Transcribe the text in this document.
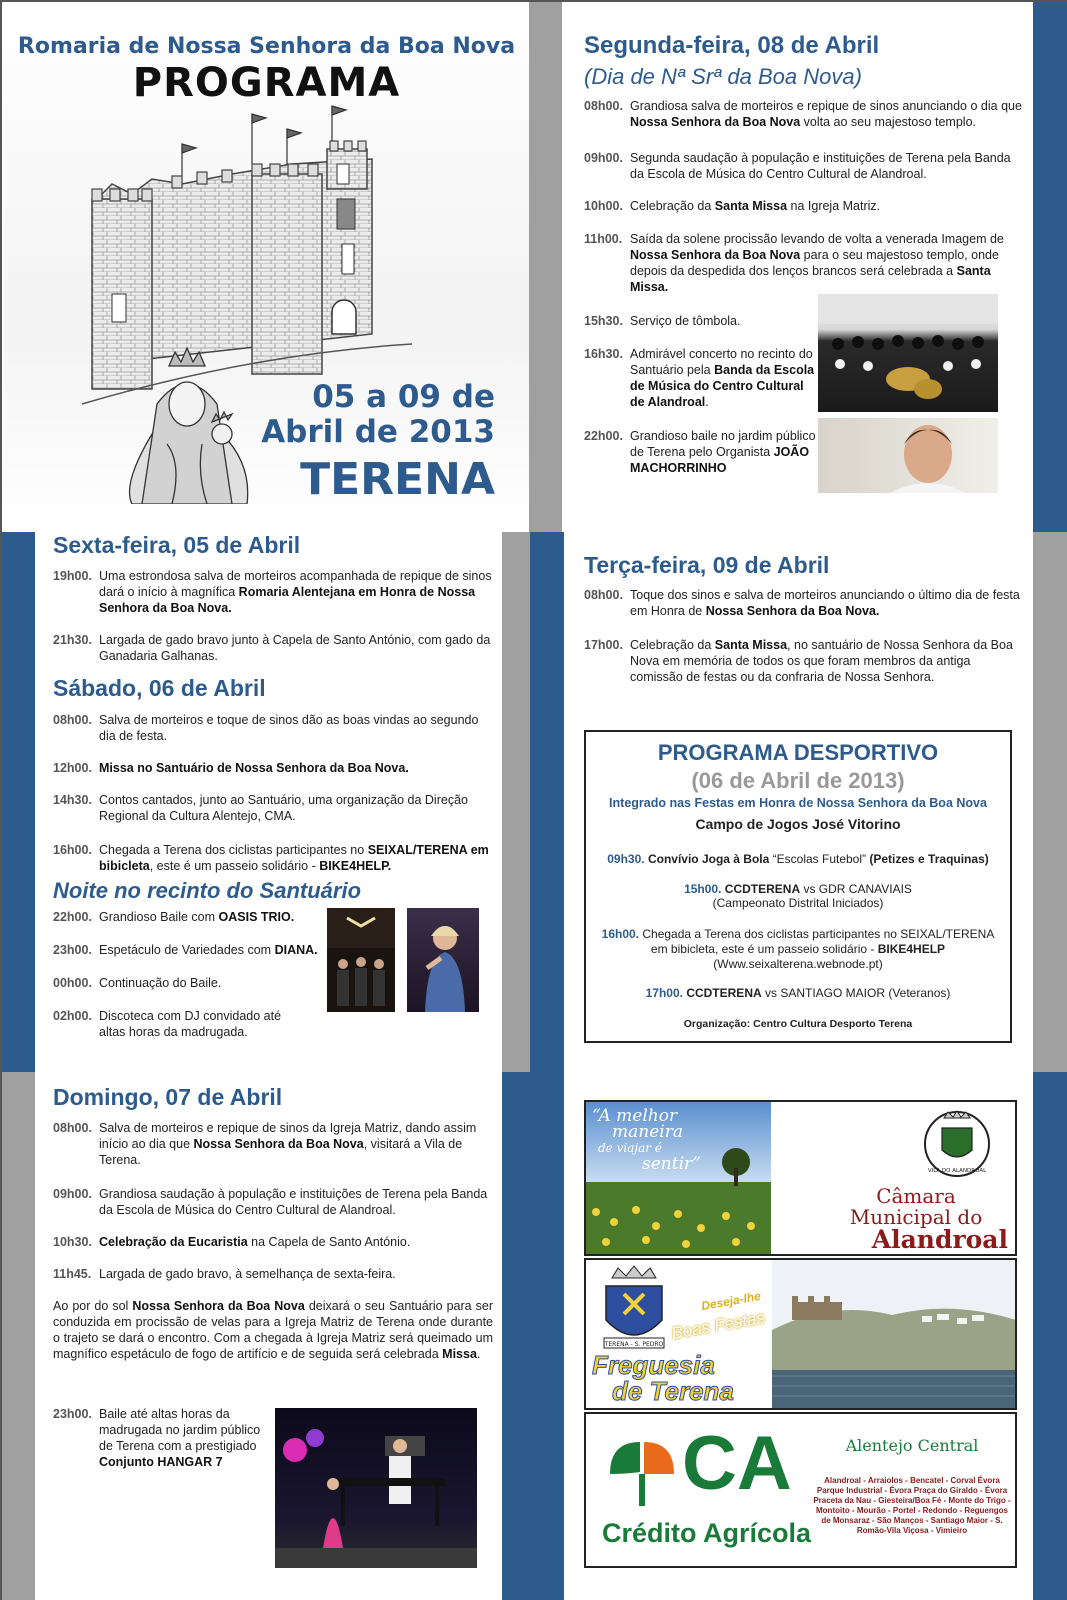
Romaria de Nossa Senhora da Boa Nova
PROGRAMA
05 a 09 de
Abril de 2013
TERENA
Segunda-feira, 08 de Abril
(Dia de Nª Srª da Boa Nova)
08h00. Grandiosa salva de morteiros e repique de sinos anunciando o dia que Nossa Senhora da Boa Nova volta ao seu majestoso templo.
09h00. Segunda saudação à população e instituições de Terena pela Banda da Escola de Música do Centro Cultural de Alandroal.
10h00. Celebração da Santa Missa na Igreja Matriz.
11h00. Saída da solene procissão levando de volta a venerada Imagem de Nossa Senhora da Boa Nova para o seu majestoso templo, onde depois da despedida dos lenços brancos será celebrada a Santa Missa.
15h30. Serviço de tômbola.
16h30. Admirável concerto no recinto do Santuário pela Banda da Escola de Música do Centro Cultural de Alandroal.
22h00. Grandioso baile no jardim público de Terena pelo Organista JOÃO MACHORRINHO
Sexta-feira, 05 de Abril
19h00. Uma estrondosa salva de morteiros acompanhada de repique de sinos dará o início à magnífica Romaria Alentejana em Honra de Nossa Senhora da Boa Nova.
21h30. Largada de gado bravo junto à Capela de Santo António, com gado da Ganadaria Galhanas.
Sábado, 06 de Abril
08h00. Salva de morteiros e toque de sinos dão as boas vindas ao segundo dia de festa.
12h00. Missa no Santuário de Nossa Senhora da Boa Nova.
14h30. Contos cantados, junto ao Santuário, uma organização da Direção Regional da Cultura Alentejo, CMA.
16h00. Chegada a Terena dos ciclistas participantes no SEIXAL/TERENA em bibicleta, este é um passeio solidário - BIKE4HELP.
Noite no recinto do Santuário
22h00. Grandioso Baile com OASIS TRIO.
23h00. Espetáculo de Variedades com DIANA.
00h00. Continuação do Baile.
02h00. Discoteca com DJ convidado até altas horas da madrugada.
Terça-feira, 09 de Abril
08h00. Toque dos sinos e salva de morteiros anunciando o último dia de festa em Honra de Nossa Senhora da Boa Nova.
17h00. Celebração da Santa Missa, no santuário de Nossa Senhora da Boa Nova em memória de todos os que foram membros da antiga comissão de festas ou da confraria de Nossa Senhora.
PROGRAMA DESPORTIVO
(06 de Abril de 2013)
Integrado nas Festas em Honra de Nossa Senhora da Boa Nova
Campo de Jogos José Vitorino
09h30. Convívio Joga à Bola “Escolas Futebol” (Petizes e Traquinas)
15h00. CCDTERENA vs GDR CANAVIAIS
(Campeonato Distrital Iniciados)
16h00. Chegada a Terena dos ciclistas participantes no SEIXAL/TERENA
em bibicleta, este é um passeio solidário - BIKE4HELP
(Www.seixalterena.webnode.pt)
17h00. CCDTERENA vs SANTIAGO MAIOR (Veteranos)
Organização: Centro Cultura Desporto Terena
Domingo, 07 de Abril
08h00. Salva de morteiros e repique de sinos da Igreja Matriz, dando assim início ao dia que Nossa Senhora da Boa Nova, visitará a Vila de Terena.
09h00. Grandiosa saudação à população e instituições de Terena pela Banda da Escola de Música do Centro Cultural de Alandroal.
10h30. Celebração da Eucaristia na Capela de Santo António.
11h45. Largada de gado bravo, à semelhança de sexta-feira.
Ao por do sol Nossa Senhora da Boa Nova deixará o seu Santuário para ser conduzida em procissão de velas para a Igreja Matriz de Terena onde durante o trajeto se dará o encontro. Com a chegada à Igreja Matriz será queimado um magnífico espetáculo de fogo de artifício e de seguida será celebrada Missa.
23h00. Baile até altas horas da madrugada no jardim público de Terena com a prestigiado Conjunto HANGAR 7
“A melhor
maneira
de viajar é
sentir”	VILA DO ALANDROAL
Câmara
Municipal do
Alandroal
TERENA - S. PEDRO
Deseja-lhe
Boas Festas
Freguesia
de Terena
CA
Crédito Agrícola
Alentejo Central
Alandroal - Arraiolos - Bencatel - Corval Évora Parque Industrial - Évora Praça do Giraldo - Évora Praceta da Nau - Giesteira/Boa Fé - Monte do Trigo - Montoito - Mourão - Portel - Redondo - Reguengos de Monsaraz - São Manços - Santiago Maior - S. Romão-Vila Viçosa - Vimieiro
